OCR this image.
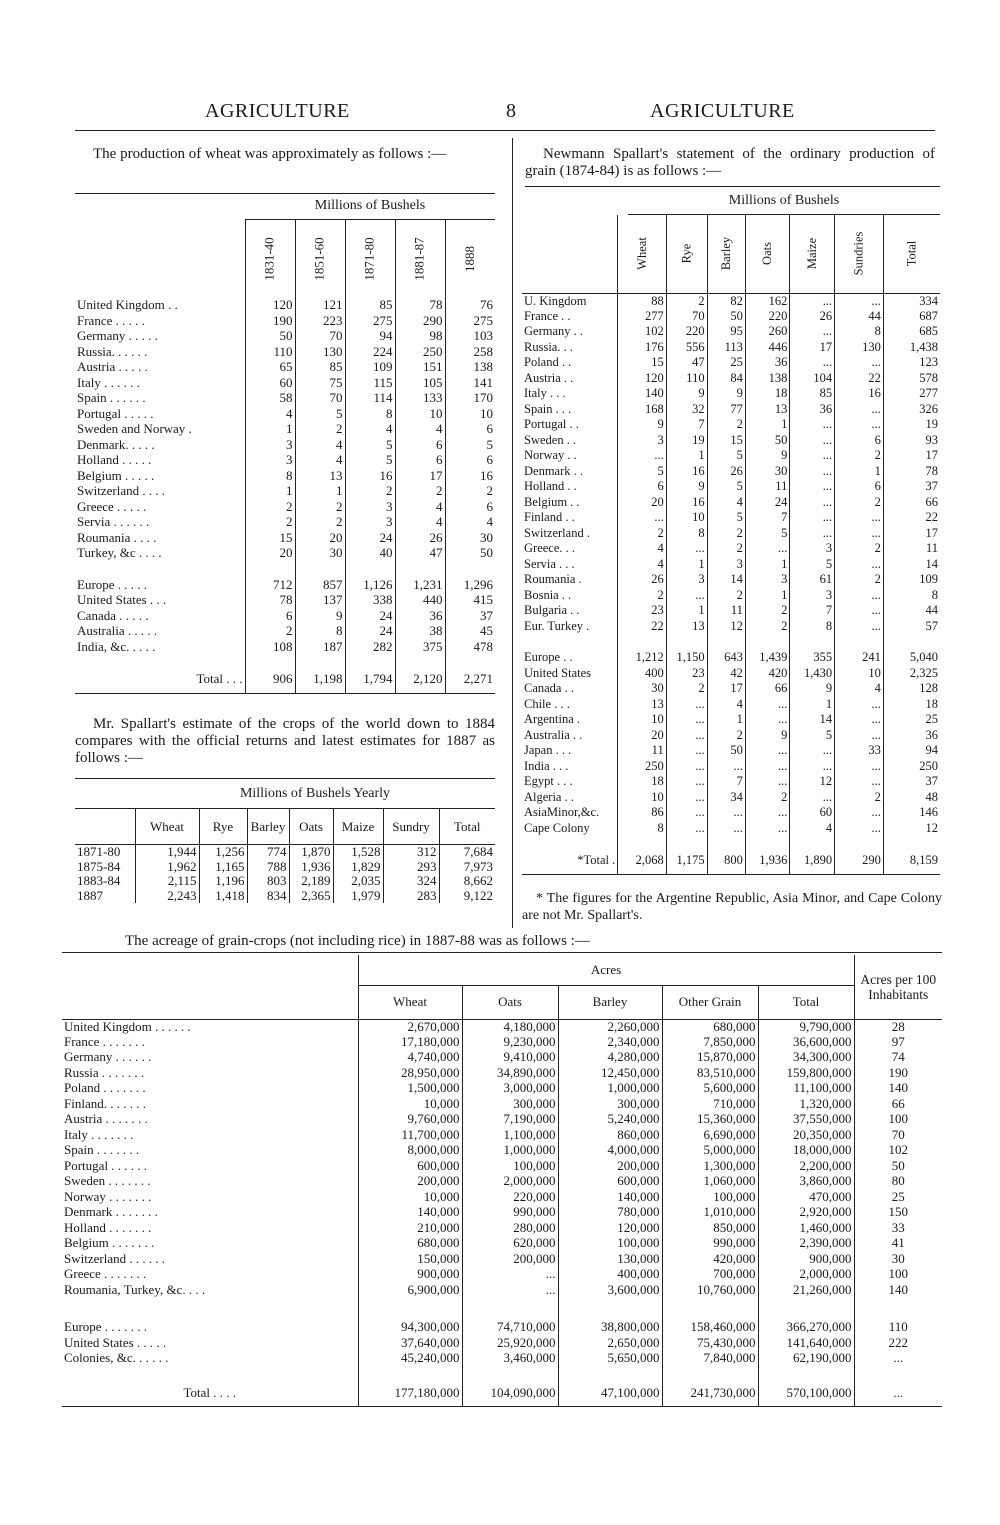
AGRICULTURE	8	AGRICULTURE
The production of wheat was approximately as follows :—
Millions of Bushels
	1831-40	1851-60	1871-80	1881-87	1888
United Kingdom . .	120	121	85	78	76
France . . . . .	190	223	275	290	275
Germany . . . . .	50	70	94	98	103
Russia. . . . . .	110	130	224	250	258
Austria . . . . .	65	85	109	151	138
Italy . . . . . .	60	75	115	105	141
Spain . . . . . .	58	70	114	133	170
Portugal . . . . .	4	5	8	10	10
Sweden and Norway .	1	2	4	4	6
Denmark. . . . .	3	4	5	6	5
Holland . . . . .	3	4	5	6	6
Belgium . . . . .	8	13	16	17	16
Switzerland . . . .	1	1	2	2	2
Greece . . . . .	2	2	3	4	6
Servia . . . . . .	2	2	3	4	4
Roumania . . . .	15	20	24	26	30
Turkey, &c . . . .	20	30	40	47	50

Europe . . . . .	712	857	1,126	1,231	1,296
United States . . .	78	137	338	440	415
Canada . . . . .	6	9	24	36	37
Australia . . . . .	2	8	24	38	45
India, &c. . . . .	108	187	282	375	478

Total . . .	906	1,198	1,794	2,120	2,271

Mr. Spallart's estimate of the crops of the world down to 1884 compares with the official returns and latest estimates for 1887 as follows :—
Millions of Bushels Yearly
	Wheat	Rye	Barley	Oats	Maize	Sundry	Total
1871-80	1,944	1,256	774	1,870	1,528	312	7,684
1875-84	1,962	1,165	788	1,936	1,829	293	7,973
1883-84	2,115	1,196	803	2,189	2,035	324	8,662
1887	2,243	1,418	834	2,365	1,979	283	9,122
Newmann Spallart's statement of the ordinary production of grain (1874-84) is as follows :—
Millions of Bushels
	Wheat	Rye	Barley	Oats	Maize	Sundries	Total
U. Kingdom	88	2	82	162	...	...	334
France . .	277	70	50	220	26	44	687
Germany . .	102	220	95	260	...	8	685
Russia. . .	176	556	113	446	17	130	1,438
Poland . .	15	47	25	36	...	...	123
Austria . .	120	110	84	138	104	22	578
Italy . . .	140	9	9	18	85	16	277
Spain . . .	168	32	77	13	36	...	326
Portugal . .	9	7	2	1	...	...	19
Sweden . .	3	19	15	50	...	6	93
Norway . .	...	1	5	9	...	2	17
Denmark . .	5	16	26	30	...	1	78
Holland . .	6	9	5	11	...	6	37
Belgium . .	20	16	4	24	...	2	66
Finland . .	...	10	5	7	...	...	22
Switzerland .	2	8	2	5	...	...	17
Greece. . .	4	...	2	...	3	2	11
Servia . . .	4	1	3	1	5	...	14
Roumania .	26	3	14	3	61	2	109
Bosnia . .	2	...	2	1	3	...	8
Bulgaria . .	23	1	11	2	7	...	44
Eur. Turkey .	22	13	12	2	8	...	57

Europe . .	1,212	1,150	643	1,439	355	241	5,040
United States	400	23	42	420	1,430	10	2,325
Canada . .	30	2	17	66	9	4	128
Chile . . .	13	...	4	...	1	...	18
Argentina .	10	...	1	...	14	...	25
Australia . .	20	...	2	9	5	...	36
Japan . . .	11	...	50	...	...	33	94
India . . .	250	...	...	...	...	...	250
Egypt . . .	18	...	7	...	12	...	37
Algeria . .	10	...	34	2	...	2	48
AsiaMinor,&c.	86	...	...	...	60	...	146
Cape Colony	8	...	...	...	4	...	12

*Total .	2,068	1,175	800	1,936	1,890	290	8,159

* The figures for the Argentine Republic, Asia Minor, and Cape Colony are not Mr. Spallart's.
The acreage of grain-crops (not including rice) in 1887-88 was as follows :—
	Acres					Acres per 100 Inhabitants
	Wheat	Oats	Barley	Other Grain	Total	
United Kingdom . . . . . .	2,670,000	4,180,000	2,260,000	680,000	9,790,000	28
France . . . . . . .	17,180,000	9,230,000	2,340,000	7,850,000	36,600,000	97
Germany . . . . . .	4,740,000	9,410,000	4,280,000	15,870,000	34,300,000	74
Russia . . . . . . .	28,950,000	34,890,000	12,450,000	83,510,000	159,800,000	190
Poland . . . . . . .	1,500,000	3,000,000	1,000,000	5,600,000	11,100,000	140
Finland. . . . . . .	10,000	300,000	300,000	710,000	1,320,000	66
Austria . . . . . . .	9,760,000	7,190,000	5,240,000	15,360,000	37,550,000	100
Italy . . . . . . .	11,700,000	1,100,000	860,000	6,690,000	20,350,000	70
Spain . . . . . . .	8,000,000	1,000,000	4,000,000	5,000,000	18,000,000	102
Portugal . . . . . .	600,000	100,000	200,000	1,300,000	2,200,000	50
Sweden . . . . . . .	200,000	2,000,000	600,000	1,060,000	3,860,000	80
Norway . . . . . . .	10,000	220,000	140,000	100,000	470,000	25
Denmark . . . . . . .	140,000	990,000	780,000	1,010,000	2,920,000	150
Holland . . . . . . .	210,000	280,000	120,000	850,000	1,460,000	33
Belgium . . . . . . .	680,000	620,000	100,000	990,000	2,390,000	41
Switzerland . . . . . .	150,000	200,000	130,000	420,000	900,000	30
Greece . . . . . . .	900,000	...	400,000	700,000	2,000,000	100
Roumania, Turkey, &c. . . .	6,900,000	...	3,600,000	10,760,000	21,260,000	140

Europe . . . . . . .	94,300,000	74,710,000	38,800,000	158,460,000	366,270,000	110
United States . . . . .	37,640,000	25,920,000	2,650,000	75,430,000	141,640,000	222
Colonies, &c. . . . . .	45,240,000	3,460,000	5,650,000	7,840,000	62,190,000	...

Total . . . .	177,180,000	104,090,000	47,100,000	241,730,000	570,100,000	...
